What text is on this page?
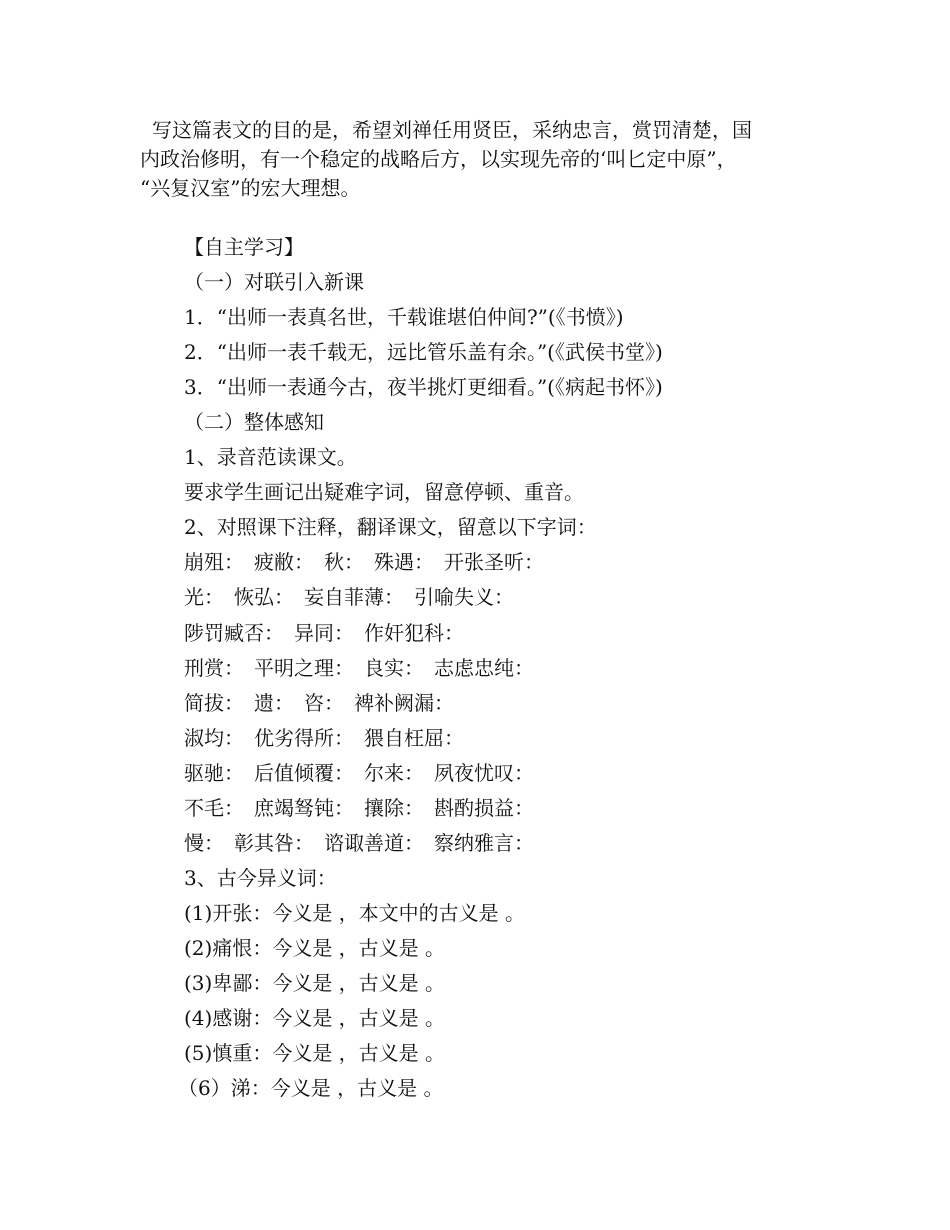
写这篇表文的目的是，希望刘禅任用贤臣，采纳忠言，赏罚清楚，国

内政治修明，有一个稳定的战略后方，以实现先帝的‘叫匕定中原”，

“兴复汉室”的宏大理想。

【自主学习】
（一）对联引入新课
1．“出师一表真名世，千载谁堪伯仲间?”(《书愤》)
2．“出师一表千载无，远比管乐盖有余。”(《武侯书堂》)
3．“出师一表通今古，夜半挑灯更细看。”(《病起书怀》)
（二）整体感知
1、录音范读课文。
要求学生画记出疑难字词，留意停顿、重音。
2、对照课下注释，翻译课文，留意以下字词：
崩殂：　疲敝：　秋：　殊遇：　开张圣听：
光：　恢弘：　妄自菲薄：　引喻失义：
陟罚臧否：　异同：　作奸犯科：
刑赏：　平明之理：　良实：　志虑忠纯：
简拔：　遗：　咨：　裨补阙漏：
淑均：　优劣得所：　猥自枉屈：
驱驰：　后值倾覆：　尔来：　夙夜忧叹：
不毛：　庶竭驽钝：　攘除：　斟酌损益：
慢：　彰其咎：　谘诹善道：　察纳雅言：
3、古今异义词：
(1)开张：今义是 ，本文中的古义是 。
(2)痛恨：今义是 ，古义是 。
(3)卑鄙：今义是 ，古义是 。
(4)感谢：今义是 ，古义是 。
(5)慎重：今义是 ，古义是 。
（6）涕：今义是 ，古义是 。
